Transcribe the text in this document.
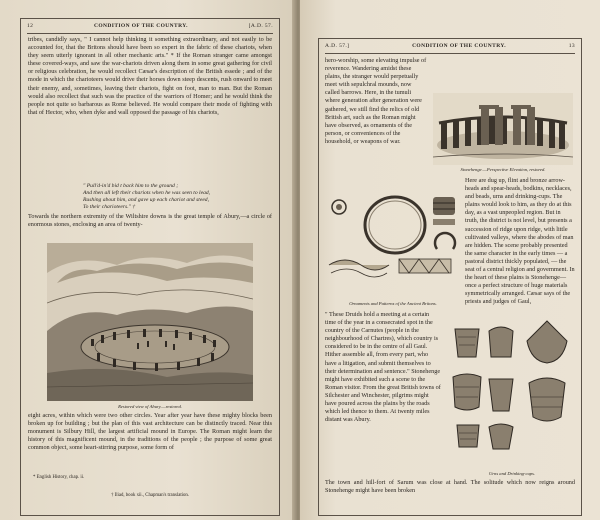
12	CONDITION OF THE COUNTRY.	[A.D. 57.

tribes, candidly says, " I cannot help thinking it something extraordinary, and not easily to be accounted for, that the Britons should have been so expert in the fabric of these chariots, when they seem utterly ignorant in all other mechanic arts." * If the Roman stranger came amongst these covered-ways, and saw the war-chariots driven along them in some great gathering for civil or religious celebration, he would recollect Cæsar's description of the British essede ; and of the mode in which the charioteers would drive their horses down steep descents, rush onward to meet their enemy, and, sometimes, leaving their chariots, fight on foot, man to man. But the Roman would also recollect that such was the practice of the warriors of Homer; and he would think the people not quite so barbarous as Rome believed. He would compare their mode of fighting with that of Hector, who, when dyke and wall opposed the passage of his chariots,

" Pull'd-in'd bid t back him to the ground ;
And then all left their chariots when he was seen to lead,
Rushing about him, and gave up each chariot and steed,
To their charioteers." †

Towards the northern extremity of the Wiltshire downs is the great temple of Abury,—a circle of enormous stones, enclosing an area of twenty-

Restored view of Abury.—restored.

eight acres, within which were two other circles. Year after year have these mighty blocks been broken up for building ; but the plan of this vast architecture can be distinctly traced. Near this monument is Silbury Hill, the largest artificial mound in Europe. The Roman might learn the history of this magnificent mound, in the traditions of the people ; the purpose of some great common object, some heart-stirring purpose, some form of

* English History, chap. ii.
† Iliad, book xii., Chapman's translation.
A.D. 57.]	CONDITION OF THE COUNTRY.	13

hero-worship, some elevating impulse of reverence. Wandering amidst these plains, the stranger would perpetually meet with sepulchral mounds, now called barrows. Here, in the tumuli where generation after generation were gathered, we still find the relics of old British art, such as the Roman might have observed, as ornaments of the person, or conveniences of the household, or weapons of war.

Stonehenge.—Perspective Elevation, restored.

Ornaments and Patterns of the Ancient Britons.

Here are dug up, flint and bronze arrow-heads and spear-heads, bodkins, necklaces, and beads, urns and drinking-cups. The plains would look to him, as they do at this day, as a vast unpeopled region. But in truth, the district is not level, but presents a succession of ridge upon ridge, with little cultivated valleys, where the abodes of man are hidden. The scene probably presented the same character in the early times — a pastoral district thickly populated, — the seat of a central religion and government. In the heart of these plains is Stonehenge—once a perfect structure of huge materials symmetrically arranged. Cæsar says of the priests and judges of Gaul,

" These Druids hold a meeting at a certain time of the year in a consecrated spot in the country of the Carnutes (people in the neighbourhood of Chartres), which country is considered to be in the centre of all Gaul. Hither assemble all, from every part, who have a litigation, and submit themselves to their determination and sentence." Stonehenge might have exhibited such a scene to the Roman visitor. From the great British towns of Silchester and Winchester, pilgrims might have poured across the plains by the roads which led thence to them. At twenty miles distant was Abury.

Urns and Drinking-cups.

The town and hill-fort of Sarum was close at hand. The solitude which now reigns around Stonehenge might have been broken
